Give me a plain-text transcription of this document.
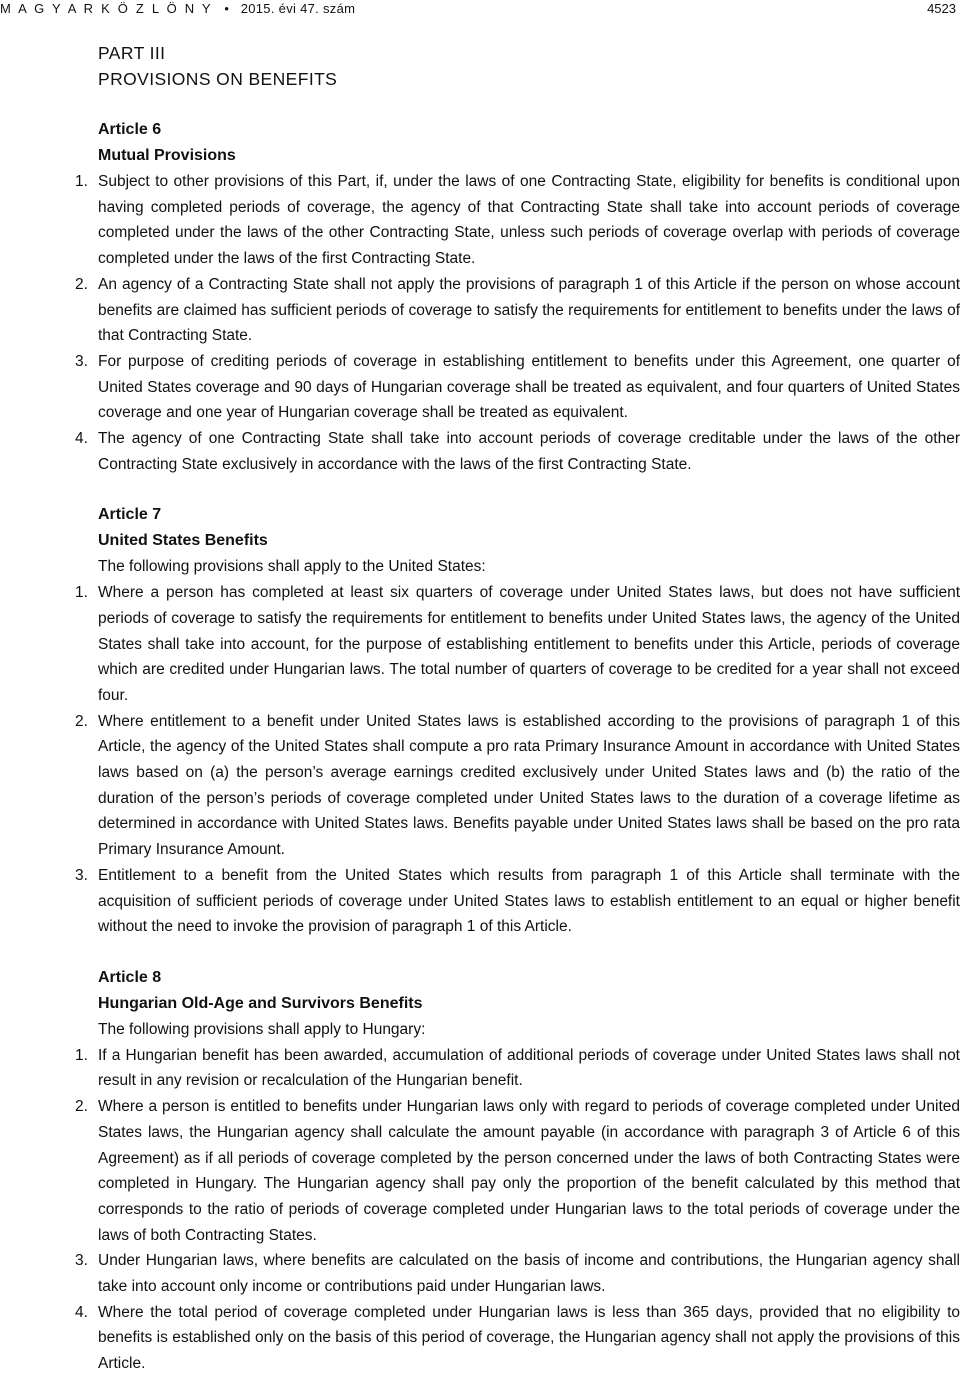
M A G Y A R K Ö Z L Ö N Y • 2015. évi 47. szám	4523
PART III
PROVISIONS ON BENEFITS
Article 6
Mutual Provisions
1. Subject to other provisions of this Part, if, under the laws of one Contracting State, eligibility for benefits is conditional upon having completed periods of coverage, the agency of that Contracting State shall take into account periods of coverage completed under the laws of the other Contracting State, unless such periods of coverage overlap with periods of coverage completed under the laws of the first Contracting State.
2. An agency of a Contracting State shall not apply the provisions of paragraph 1 of this Article if the person on whose account benefits are claimed has sufficient periods of coverage to satisfy the requirements for entitlement to benefits under the laws of that Contracting State.
3. For purpose of crediting periods of coverage in establishing entitlement to benefits under this Agreement, one quarter of United States coverage and 90 days of Hungarian coverage shall be treated as equivalent, and four quarters of United States coverage and one year of Hungarian coverage shall be treated as equivalent.
4. The agency of one Contracting State shall take into account periods of coverage creditable under the laws of the other Contracting State exclusively in accordance with the laws of the first Contracting State.
Article 7
United States Benefits
The following provisions shall apply to the United States:
1. Where a person has completed at least six quarters of coverage under United States laws, but does not have sufficient periods of coverage to satisfy the requirements for entitlement to benefits under United States laws, the agency of the United States shall take into account, for the purpose of establishing entitlement to benefits under this Article, periods of coverage which are credited under Hungarian laws. The total number of quarters of coverage to be credited for a year shall not exceed four.
2. Where entitlement to a benefit under United States laws is established according to the provisions of paragraph 1 of this Article, the agency of the United States shall compute a pro rata Primary Insurance Amount in accordance with United States laws based on (a) the person’s average earnings credited exclusively under United States laws and (b) the ratio of the duration of the person’s periods of coverage completed under United States laws to the duration of a coverage lifetime as determined in accordance with United States laws. Benefits payable under United States laws shall be based on the pro rata Primary Insurance Amount.
3. Entitlement to a benefit from the United States which results from paragraph 1 of this Article shall terminate with the acquisition of sufficient periods of coverage under United States laws to establish entitlement to an equal or higher benefit without the need to invoke the provision of paragraph 1 of this Article.
Article 8
Hungarian Old-Age and Survivors Benefits
The following provisions shall apply to Hungary:
1. If a Hungarian benefit has been awarded, accumulation of additional periods of coverage under United States laws shall not result in any revision or recalculation of the Hungarian benefit.
2. Where a person is entitled to benefits under Hungarian laws only with regard to periods of coverage completed under United States laws, the Hungarian agency shall calculate the amount payable (in accordance with paragraph 3 of Article 6 of this Agreement) as if all periods of coverage completed by the person concerned under the laws of both Contracting States were completed in Hungary. The Hungarian agency shall pay only the proportion of the benefit calculated by this method that corresponds to the ratio of periods of coverage completed under Hungarian laws to the total periods of coverage under the laws of both Contracting States.
3. Under Hungarian laws, where benefits are calculated on the basis of income and contributions, the Hungarian agency shall take into account only income or contributions paid under Hungarian laws.
4. Where the total period of coverage completed under Hungarian laws is less than 365 days, provided that no eligibility to benefits is established only on the basis of this period of coverage, the Hungarian agency shall not apply the provisions of this Article.
